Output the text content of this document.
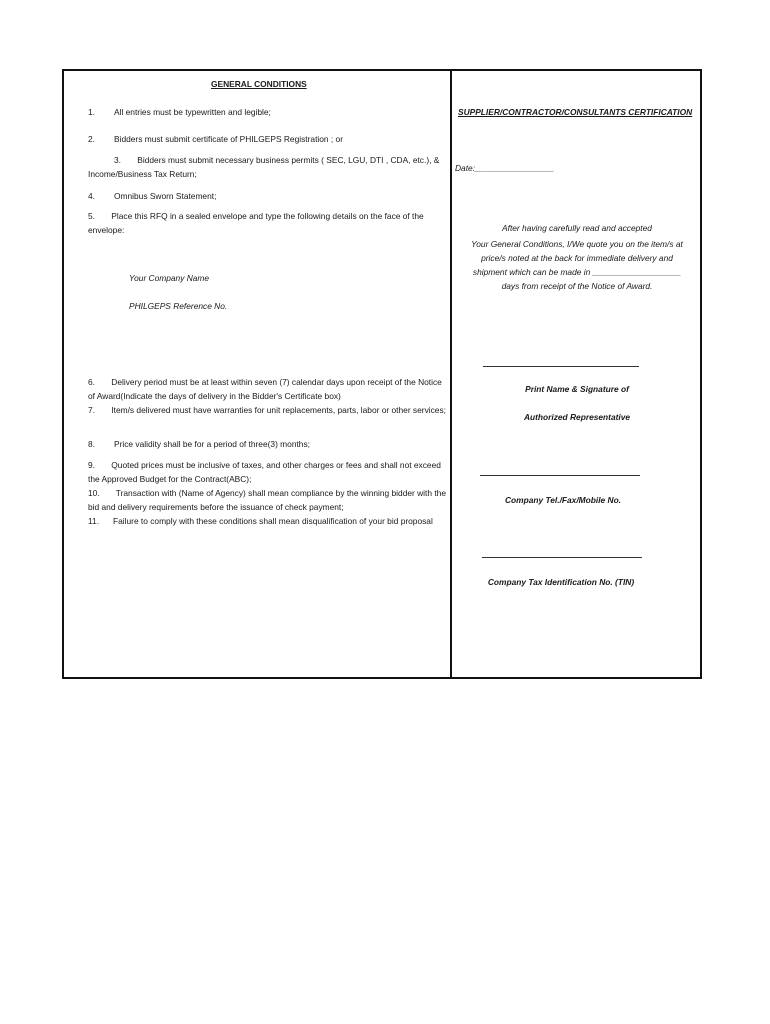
GENERAL CONDITIONS
1. All entries must be typewritten and legible;
2. Bidders must submit certificate of PHILGEPS Registration ; or
3. Bidders must submit necessary business permits ( SEC, LGU, DTI , CDA, etc.), & Income/Business Tax Return;
4. Omnibus Sworn Statement;
5. Place this RFQ in a sealed envelope and type the following details on the face of the envelope:
Your Company Name
PHILGEPS Reference No.
6. Delivery period must be at least within seven (7) calendar days upon receipt of the Notice of Award(Indicate the days of delivery in the Bidder's Certificate box)
7. Item/s delivered must have warranties for unit replacements, parts, labor or other services;
8. Price validity shall be for a period of three(3) months;
9. Quoted prices must be inclusive of taxes, and other charges or fees and shall not exceed the Approved Budget for the Contract(ABC);
10. Transaction with (Name of Agency) shall mean compliance by the winning bidder with the bid and delivery requirements before the issuance of check payment;
11. Failure to comply with these conditions shall mean disqualification of your bid proposal
SUPPLIER/CONTRACTOR/CONSULTANTS CERTIFICATION
Date:_________________
After having carefully read and accepted
Your General Conditions, I/We quote you on the item/s at
price/s noted at the back for immediate delivery and
shipment which can be made in ___________________
days from receipt of the Notice of Award.
Print Name & Signature of
Authorized Representative
Company Tel./Fax/Mobile No.
Company Tax Identification No. (TIN)
